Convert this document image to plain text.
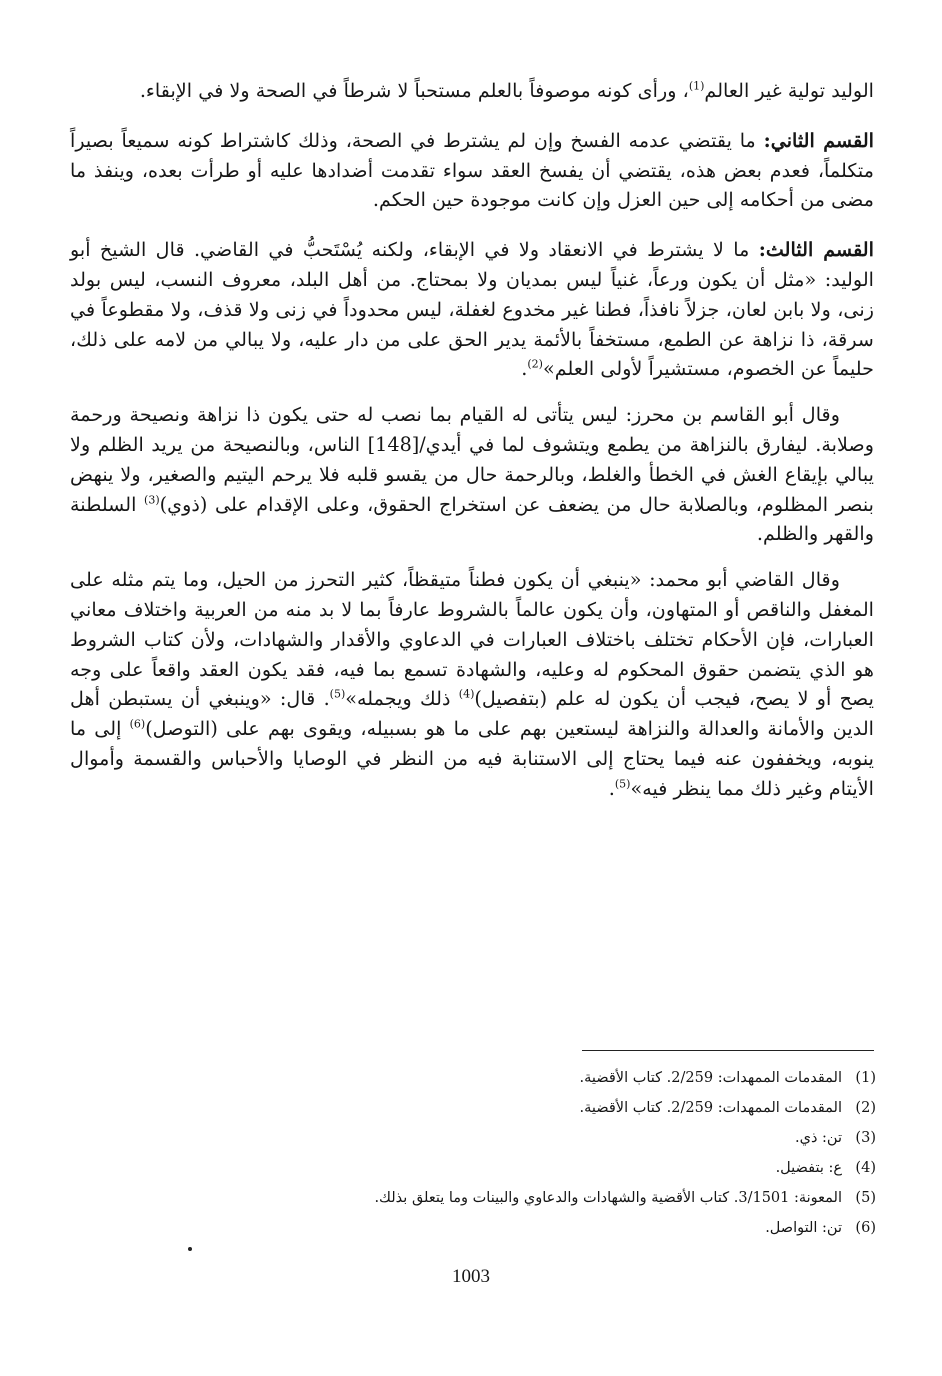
الوليد تولية غير العالم$^{(1)}$، ورأى كونه موصوفاً بالعلم مستحباً لا شرطاً في الصحة ولا في الإبقاء.

القسم الثاني: ما يقتضي عدمه الفسخ وإن لم يشترط في الصحة، وذلك كاشتراط كونه سميعاً بصيراً متكلماً، فعدم بعض هذه، يقتضي أن يفسخ العقد سواء تقدمت أضدادها عليه أو طرأت بعده، وينفذ ما مضى من أحكامه إلى حين العزل وإن كانت موجودة حين الحكم.

القسم الثالث: ما لا يشترط في الانعقاد ولا في الإبقاء، ولكنه يُسْتَحبُّ في القاضي. قال الشيخ أبو الوليد: «مثل أن يكون ورعاً، غنياً ليس بمديان ولا بمحتاج. من أهل البلد، معروف النسب، ليس بولد زنى، ولا بابن لعان، جزلاً نافذاً، فطنا غير مخدوع لغفلة، ليس محدوداً في زنى ولا قذف، ولا مقطوعاً في سرقة، ذا نزاهة عن الطمع، مستخفاً بالأئمة يدير الحق على من دار عليه، ولا يبالي من لامه على ذلك، حليماً عن الخصوم، مستشيراً لأولى العلم»$^{(2)}$.

وقال أبو القاسم بن محرز: ليس يتأتى له القيام بما نصب له حتى يكون ذا نزاهة ونصيحة ورحمة وصلابة. ليفارق بالنزاهة من يطمع ويتشوف لما في أيدي/[148] الناس، وبالنصيحة من يريد الظلم ولا يبالي بإيقاع الغش في الخطأ والغلط، وبالرحمة حال من يقسو قلبه فلا يرحم اليتيم والصغير، ولا ينهض بنصر المظلوم، وبالصلابة حال من يضعف عن استخراج الحقوق، وعلى الإقدام على (ذوي)$^{(3)}$ السلطنة والقهر والظلم.

وقال القاضي أبو محمد: «ينبغي أن يكون فطناً متيقظاً، كثير التحرز من الحيل، وما يتم مثله على المغفل والناقص أو المتهاون، وأن يكون عالماً بالشروط عارفاً بما لا بد منه من العربية واختلاف معاني العبارات، فإن الأحكام تختلف باختلاف العبارات في الدعاوي والأقدار والشهادات، ولأن كتاب الشروط هو الذي يتضمن حقوق المحكوم له وعليه، والشهادة تسمع بما فيه، فقد يكون العقد واقعاً على وجه يصح أو لا يصح، فيجب أن يكون له علم (بتفصيل)$^{(4)}$ ذلك ويجمله»$^{(5)}$. قال: «وينبغي أن يستبطن أهل الدين والأمانة والعدالة والنزاهة ليستعين بهم على ما هو بسبيله، ويقوى بهم على (التوصل)$^{(6)}$ إلى ما ينوبه، ويخففون عنه فيما يحتاج إلى الاستنابة فيه من النظر في الوصايا والأحباس والقسمة وأموال الأيتام وغير ذلك مما ينظر فيه»$^{(5)}$.

(1)
المقدمات الممهدات: 2/259. كتاب الأقضية.
(2)
المقدمات الممهدات: 2/259. كتاب الأقضية.
(3)
تن: ذي.
(4)
ع: بتفضيل.
(5)
المعونة: 3/1501. كتاب الأقضية والشهادات والدعاوي والبينات وما يتعلق بذلك.
(6)
تن: التواصل.
1003
